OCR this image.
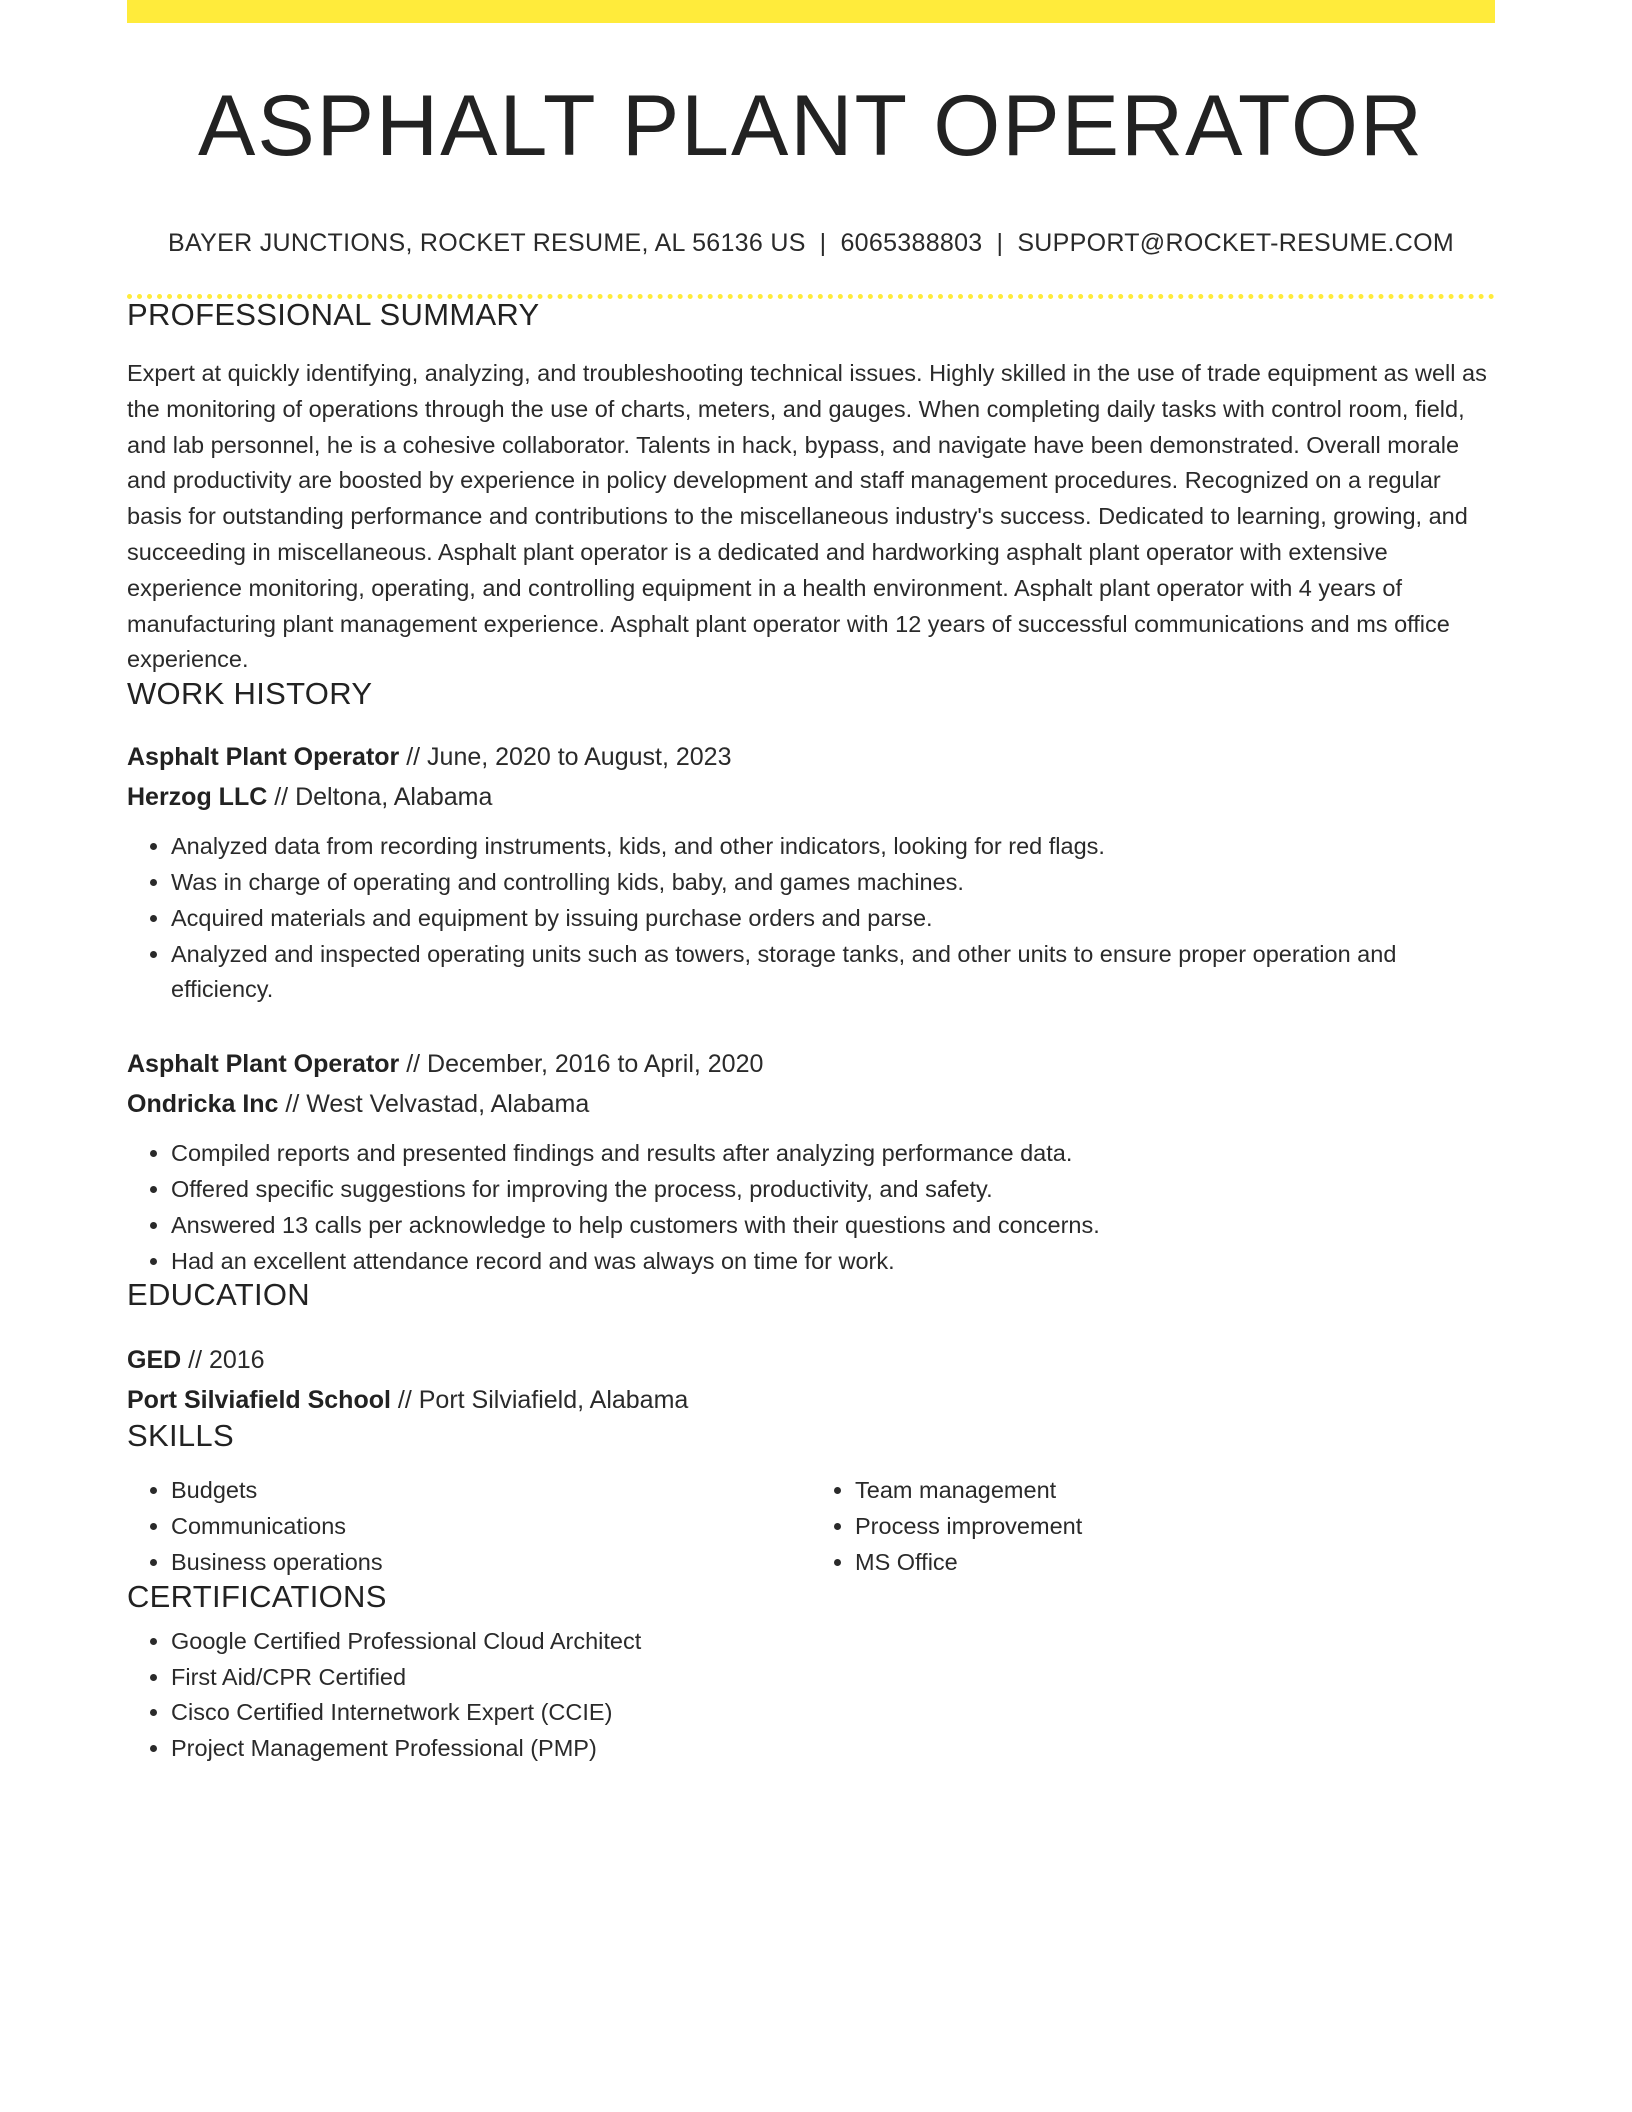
ASPHALT PLANT OPERATOR
BAYER JUNCTIONS, ROCKET RESUME, AL 56136 US | 6065388803 | SUPPORT@ROCKET-RESUME.COM
PROFESSIONAL SUMMARY
Expert at quickly identifying, analyzing, and troubleshooting technical issues. Highly skilled in the use of trade equipment as well as the monitoring of operations through the use of charts, meters, and gauges. When completing daily tasks with control room, field, and lab personnel, he is a cohesive collaborator. Talents in hack, bypass, and navigate have been demonstrated. Overall morale and productivity are boosted by experience in policy development and staff management procedures. Recognized on a regular basis for outstanding performance and contributions to the miscellaneous industry's success. Dedicated to learning, growing, and succeeding in miscellaneous. Asphalt plant operator is a dedicated and hardworking asphalt plant operator with extensive experience monitoring, operating, and controlling equipment in a health environment. Asphalt plant operator with 4 years of manufacturing plant management experience. Asphalt plant operator with 12 years of successful communications and ms office experience.
WORK HISTORY
Asphalt Plant Operator // June, 2020 to August, 2023
Herzog LLC // Deltona, Alabama
• Analyzed data from recording instruments, kids, and other indicators, looking for red flags.
• Was in charge of operating and controlling kids, baby, and games machines.
• Acquired materials and equipment by issuing purchase orders and parse.
• Analyzed and inspected operating units such as towers, storage tanks, and other units to ensure proper operation and efficiency.
Asphalt Plant Operator // December, 2016 to April, 2020
Ondricka Inc // West Velvastad, Alabama
• Compiled reports and presented findings and results after analyzing performance data.
• Offered specific suggestions for improving the process, productivity, and safety.
• Answered 13 calls per acknowledge to help customers with their questions and concerns.
• Had an excellent attendance record and was always on time for work.
EDUCATION
GED // 2016
Port Silviafield School // Port Silviafield, Alabama
SKILLS
• Budgets
• Communications
• Business operations
• Team management
• Process improvement
• MS Office
CERTIFICATIONS
• Google Certified Professional Cloud Architect
• First Aid/CPR Certified
• Cisco Certified Internetwork Expert (CCIE)
• Project Management Professional (PMP)
